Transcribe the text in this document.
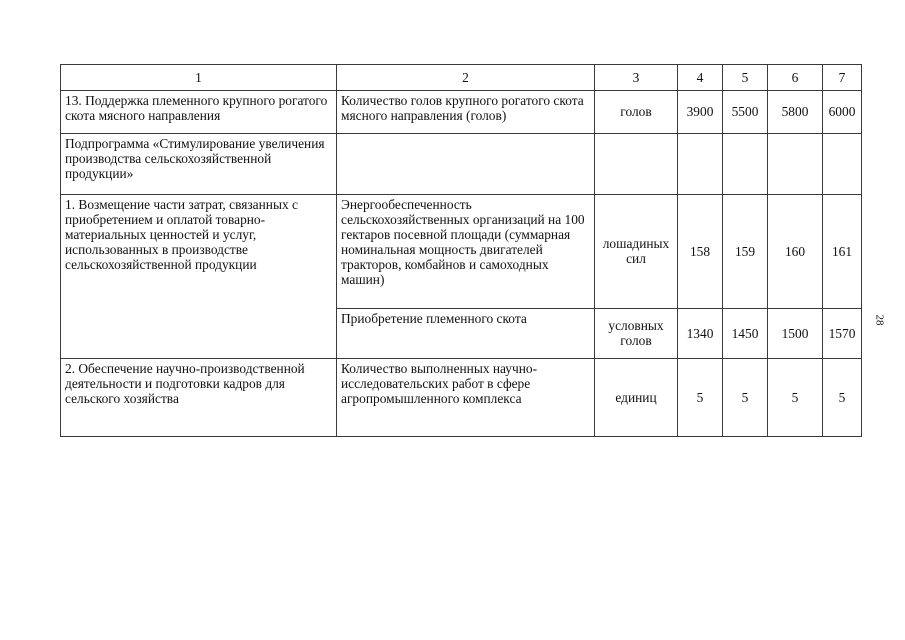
1	2	3	4	5	6	7
13. Поддержка племенного крупного рогатого скота мясного направления	Количество голов крупного рогатого скота мясного направления (голов)	голов	3900	5500	5800	6000
Подпрограмма «Стимулирование увеличения производства сельскохозяйственной продукции»						
1. Возмещение части затрат, связанных с приобретением и оплатой товарно-материальных ценностей и услуг, использованных в производстве сельскохозяйственной продукции	Энергообеспеченность сельскохозяйственных организаций на 100 гектаров посевной площади (суммарная номинальная мощность двигателей тракторов, комбайнов и самоходных машин)	лошадиных сил	158	159	160	161
	Приобретение племенного скота	условных голов	1340	1450	1500	1570
2. Обеспечение научно-производственной деятельности и подготовки кадров для сельского хозяйства	Количество выполненных научно-исследовательских работ в сфере агропромышленного комплекса	единиц	5	5	5	5
28
